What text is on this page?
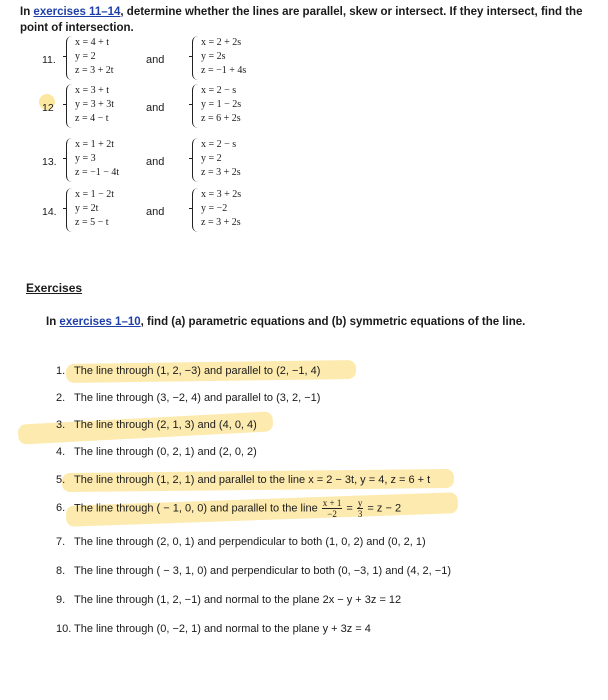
In exercises 11–14, determine whether the lines are parallel, skew or intersect. If they intersect, find the point of intersection.
11.
x = 4 + t
y = 2
z = 3 + 2t
and
x = 2 + 2s
y = 2s
z = −1 + 4s
12
x = 3 + t
y = 3 + 3t
z = 4 − t
and
x = 2 − s
y = 1 − 2s
z = 6 + 2s
13.
x = 1 + 2t
y = 3
z = −1 − 4t
and
x = 2 − s
y = 2
z = 3 + 2s
14.
x = 1 − 2t
y = 2t
z = 5 − t
and
x = 3 + 2s
y = −2
z = 3 + 2s
Exercises
In exercises 1–10, find (a) parametric equations and (b) symmetric equations of the line.
1. The line through (1, 2, −3) and parallel to (2, −1, 4)
2. The line through (3, −2, 4) and parallel to (3, 2, −1)
3. The line through (2, 1, 3) and (4, 0, 4)
4. The line through (0, 2, 1) and (2, 0, 2)
5. The line through (1, 2, 1) and parallel to the line x = 2 − 3t, y = 4, z = 6 + t
6. The line through ( − 1, 0, 0) and parallel to the line $\frac{x + 1}{-2} = \frac{y}{3} = z - 2$
7. The line through (2, 0, 1) and perpendicular to both (1, 0, 2) and (0, 2, 1)
8. The line through ( − 3, 1, 0) and perpendicular to both (0, −3, 1) and (4, 2, −1)
9. The line through (1, 2, −1) and normal to the plane 2x − y + 3z = 12
10. The line through (0, −2, 1) and normal to the plane y + 3z = 4
